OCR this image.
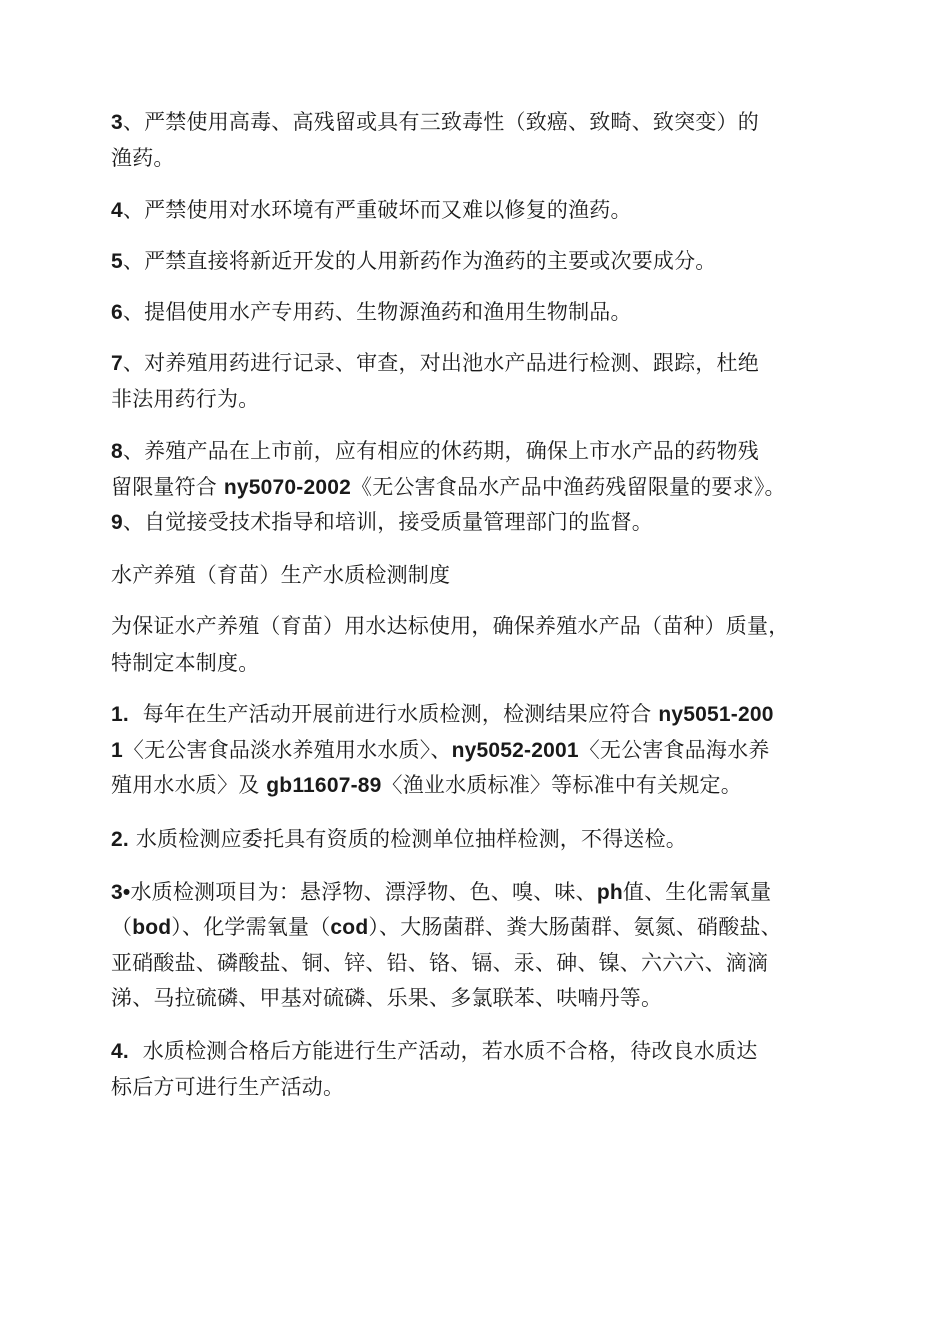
3、严禁使用高毒、高残留或具有三致毒性（致癌、致畸、致突变）的
渔药。
4、严禁使用对水环境有严重破坏而又难以修复的渔药。
5、严禁直接将新近开发的人用新药作为渔药的主要或次要成分。
6、提倡使用水产专用药、生物源渔药和渔用生物制品。
7、对养殖用药进行记录、审查，对出池水产品进行检测、跟踪，杜绝
非法用药行为。
8、养殖产品在上市前，应有相应的休药期，确保上市水产品的药物残
留限量符合 ny5070-2002《无公害食品水产品中渔药残留限量的要求》。
9、自觉接受技术指导和培训，接受质量管理部门的监督。
水产养殖（育苗）生产水质检测制度
为保证水产养殖（育苗）用水达标使用，确保养殖水产品（苗种）质量，
特制定本制度。
1. 每年在生产活动开展前进行水质检测，检测结果应符合 ny5051-200
1〈无公害食品淡水养殖用水水质〉、ny5052-2001〈无公害食品海水养
殖用水水质〉及 gb11607-89〈渔业水质标准〉等标准中有关规定。
2. 水质检测应委托具有资质的检测单位抽样检测，不得送检。
3•水质检测项目为：悬浮物、漂浮物、色、嗅、味、ph值、生化需氧量
（bod）、化学需氧量（cod）、大肠菌群、粪大肠菌群、氨氮、硝酸盐、
亚硝酸盐、磷酸盐、铜、锌、铅、铬、镉、汞、砷、镍、六六六、滴滴
涕、马拉硫磷、甲基对硫磷、乐果、多氯联苯、呋喃丹等。
4. 水质检测合格后方能进行生产活动，若水质不合格，待改良水质达
标后方可进行生产活动。
